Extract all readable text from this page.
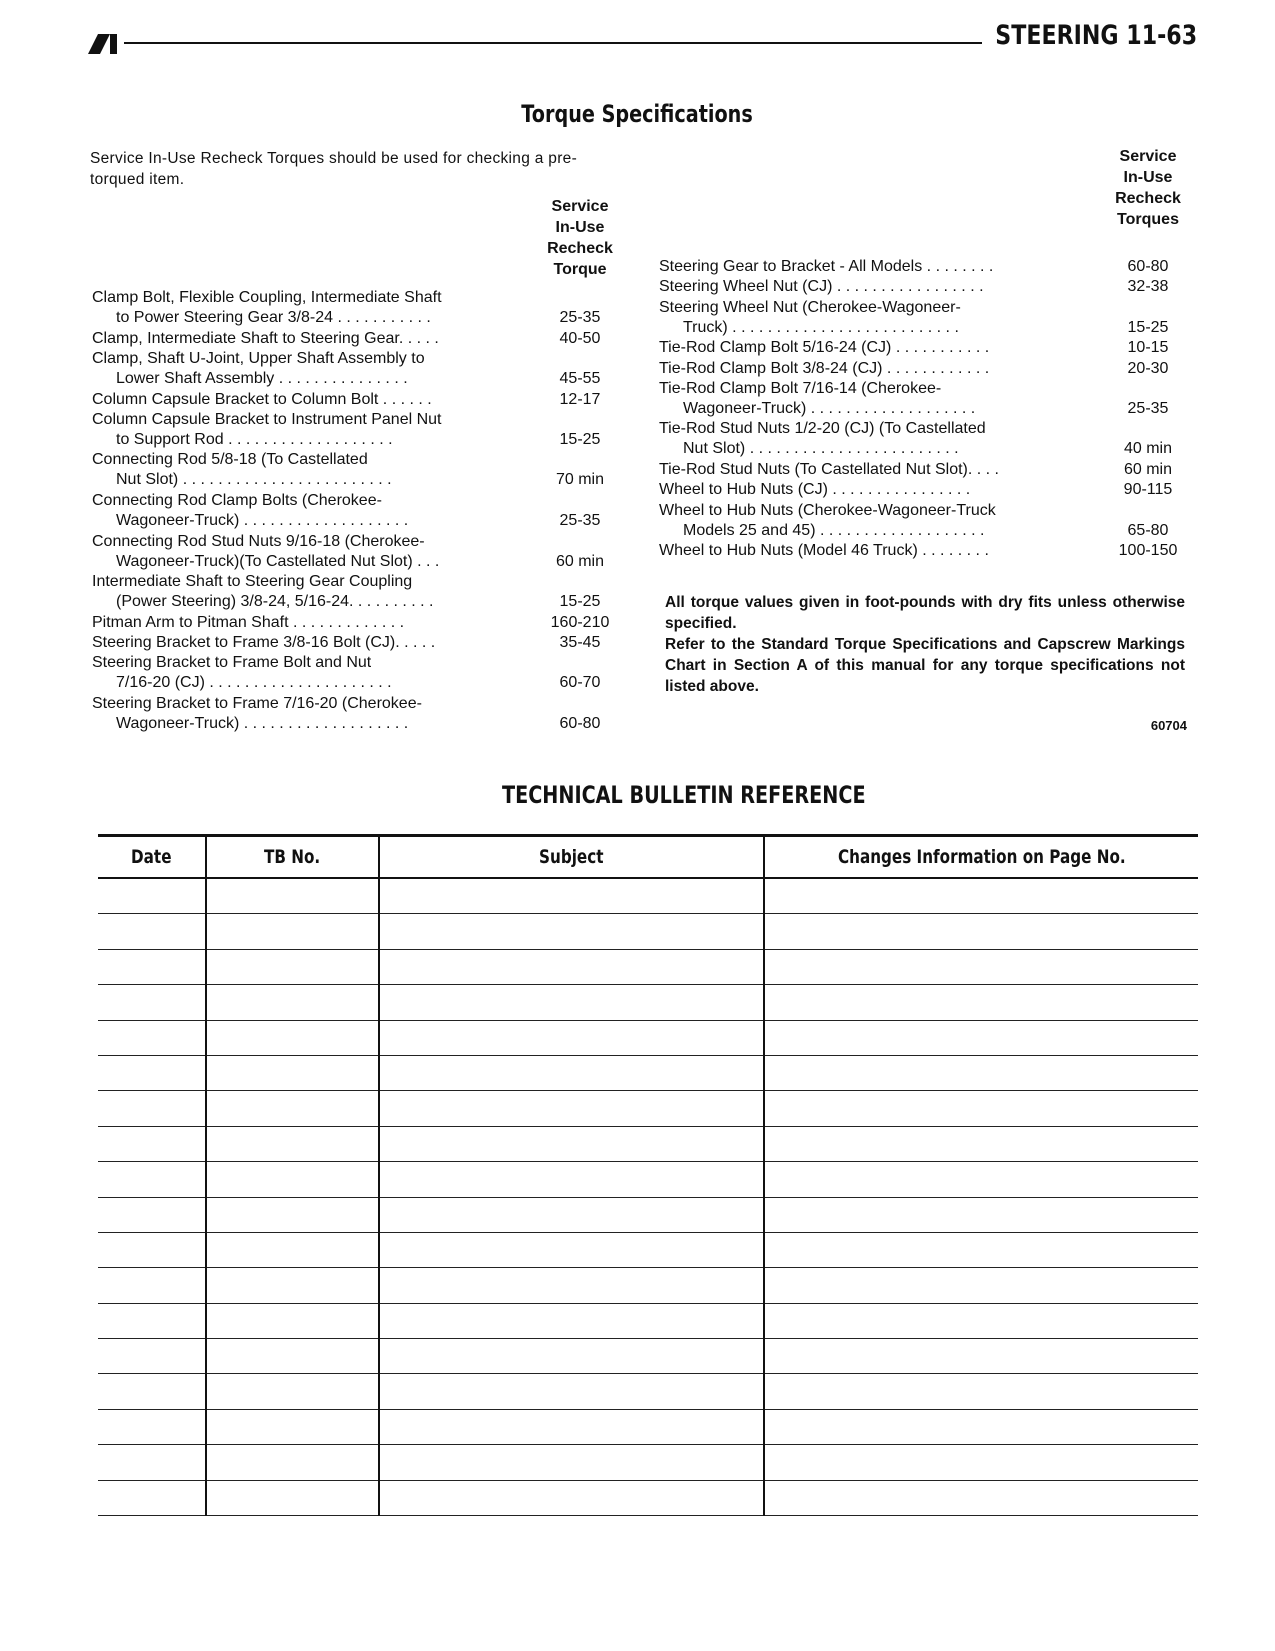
STEERING 11-63
Torque Specifications
Service In-Use Recheck Torques should be used for checking a pre-torqued item.
Service
In-Use
Recheck
Torque
Service
In-Use
Recheck
Torques
Clamp Bolt, Flexible Coupling, Intermediate Shaft
to Power Steering Gear 3/8-24 . . . . . . . . . . .	25-35
Clamp, Intermediate Shaft to Steering Gear. . . . .	40-50
Clamp, Shaft U-Joint, Upper Shaft Assembly to
Lower Shaft Assembly . . . . . . . . . . . . . . .	45-55
Column Capsule Bracket to Column Bolt . . . . . .	12-17
Column Capsule Bracket to Instrument Panel Nut
to Support Rod . . . . . . . . . . . . . . . . . . .	15-25
Connecting Rod 5/8-18 (To Castellated
Nut Slot) . . . . . . . . . . . . . . . . . . . . . . . .	70 min
Connecting Rod Clamp Bolts (Cherokee-
Wagoneer-Truck) . . . . . . . . . . . . . . . . . . .	25-35
Connecting Rod Stud Nuts 9/16-18 (Cherokee-
Wagoneer-Truck)(To Castellated Nut Slot) . . .	60 min
Intermediate Shaft to Steering Gear Coupling
(Power Steering) 3/8-24, 5/16-24. . . . . . . . . .	15-25
Pitman Arm to Pitman Shaft . . . . . . . . . . . . .	160-210
Steering Bracket to Frame 3/8-16 Bolt (CJ). . . . .	35-45
Steering Bracket to Frame Bolt and Nut
7/16-20 (CJ) . . . . . . . . . . . . . . . . . . . . .	60-70
Steering Bracket to Frame 7/16-20 (Cherokee-
Wagoneer-Truck) . . . . . . . . . . . . . . . . . . .	60-80
Steering Gear to Bracket - All Models . . . . . . . .	60-80
Steering Wheel Nut (CJ) . . . . . . . . . . . . . . . . .	32-38
Steering Wheel Nut (Cherokee-Wagoneer-
Truck) . . . . . . . . . . . . . . . . . . . . . . . . . .	15-25
Tie-Rod Clamp Bolt 5/16-24 (CJ) . . . . . . . . . . .	10-15
Tie-Rod Clamp Bolt 3/8-24 (CJ) . . . . . . . . . . . .	20-30
Tie-Rod Clamp Bolt 7/16-14 (Cherokee-
Wagoneer-Truck) . . . . . . . . . . . . . . . . . . .	25-35
Tie-Rod Stud Nuts 1/2-20 (CJ) (To Castellated
Nut Slot) . . . . . . . . . . . . . . . . . . . . . . . .	40 min
Tie-Rod Stud Nuts (To Castellated Nut Slot). . . .	60 min
Wheel to Hub Nuts (CJ) . . . . . . . . . . . . . . . .	90-115
Wheel to Hub Nuts (Cherokee-Wagoneer-Truck
Models 25 and 45) . . . . . . . . . . . . . . . . . . .	65-80
Wheel to Hub Nuts (Model 46 Truck) . . . . . . . .	100-150
All torque values given in foot-pounds with dry fits unless otherwise specified.
Refer to the Standard Torque Specifications and Capscrew Markings Chart in Section A of this manual for any torque specifications not listed above.
60704
TECHNICAL BULLETIN REFERENCE
Date	TB No.	Subject	Changes Information on Page No.
